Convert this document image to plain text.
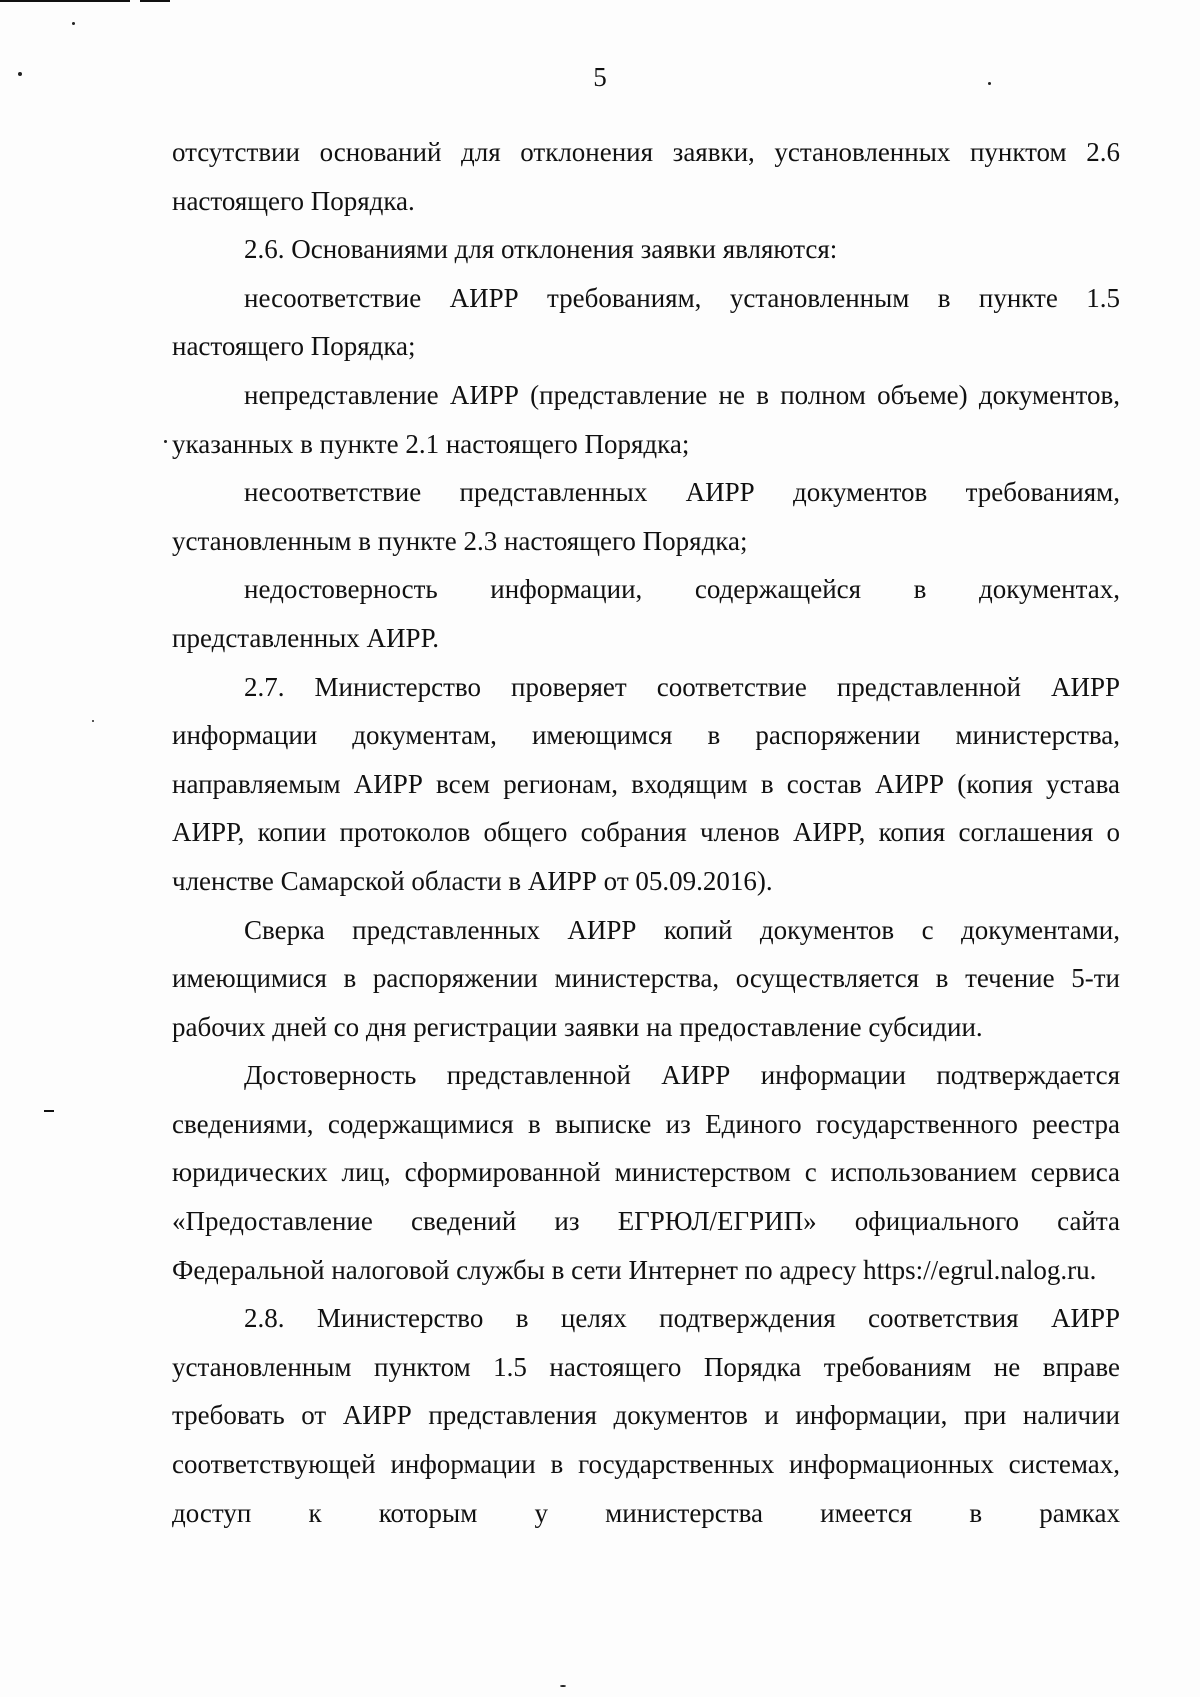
5

отсутствии оснований для отклонения заявки, установленных пунктом 2.6 настоящего Порядка.

2.6. Основаниями для отклонения заявки являются:

несоответствие АИРР требованиям, установленным в пункте 1.5 настоящего Порядка;

непредставление АИРР (представление не в полном объеме) документов, указанных в пункте 2.1 настоящего Порядка;

несоответствие представленных АИРР документов требованиям, установленным в пункте 2.3 настоящего Порядка;

недостоверность информации, содержащейся в документах, представленных АИРР.

2.7. Министерство проверяет соответствие представленной АИРР информации документам, имеющимся в распоряжении министерства, направляемым АИРР всем регионам, входящим в состав АИРР (копия устава АИРР, копии протоколов общего собрания членов АИРР, копия соглашения о членстве Самарской области в АИРР от 05.09.2016).

Сверка представленных АИРР копий документов с документами, имеющимися в распоряжении министерства, осуществляется в течение 5-ти рабочих дней со дня регистрации заявки на предоставление субсидии.

Достоверность представленной АИРР информации подтверждается сведениями, содержащимися в выписке из Единого государственного реестра юридических лиц, сформированной министерством с использованием сервиса «Предоставление сведений из ЕГРЮЛ/ЕГРИП» официального сайта Федеральной налоговой службы в сети Интернет по адресу https://egrul.nalog.ru.

2.8. Министерство в целях подтверждения соответствия АИРР установленным пунктом 1.5 настоящего Порядка требованиям не вправе требовать от АИРР представления документов и информации, при наличии соответствующей информации в государственных информационных системах, доступ к которым у министерства имеется в рамках
